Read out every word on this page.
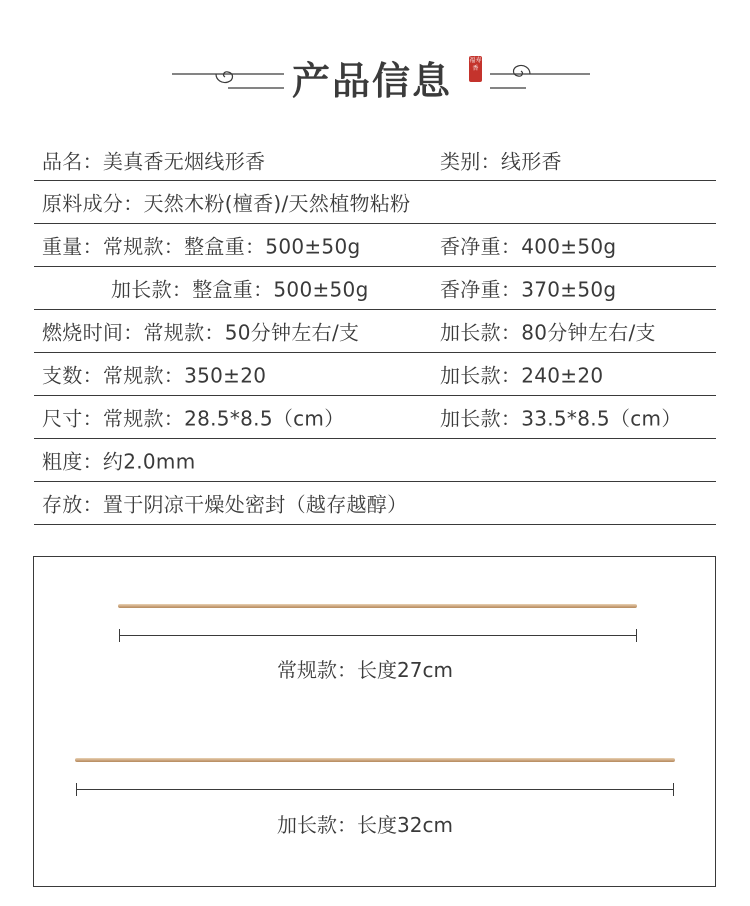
产品信息	福寿香
品名：美真香无烟线形香	类别：线形香
原料成分：天然木粉(檀香)/天然植物粘粉
重量：常规款：整盒重：500±50g	香净重：400±50g
加长款：整盒重：500±50g	香净重：370±50g
燃烧时间：常规款：50分钟左右/支	加长款：80分钟左右/支
支数：常规款：350±20	加长款：240±20
尺寸：常规款：28.5*8.5（cm）	加长款：33.5*8.5（cm）
粗度：约2.0mm
存放：置于阴凉干燥处密封（越存越醇）
常规款：长度27cm
加长款：长度32cm
